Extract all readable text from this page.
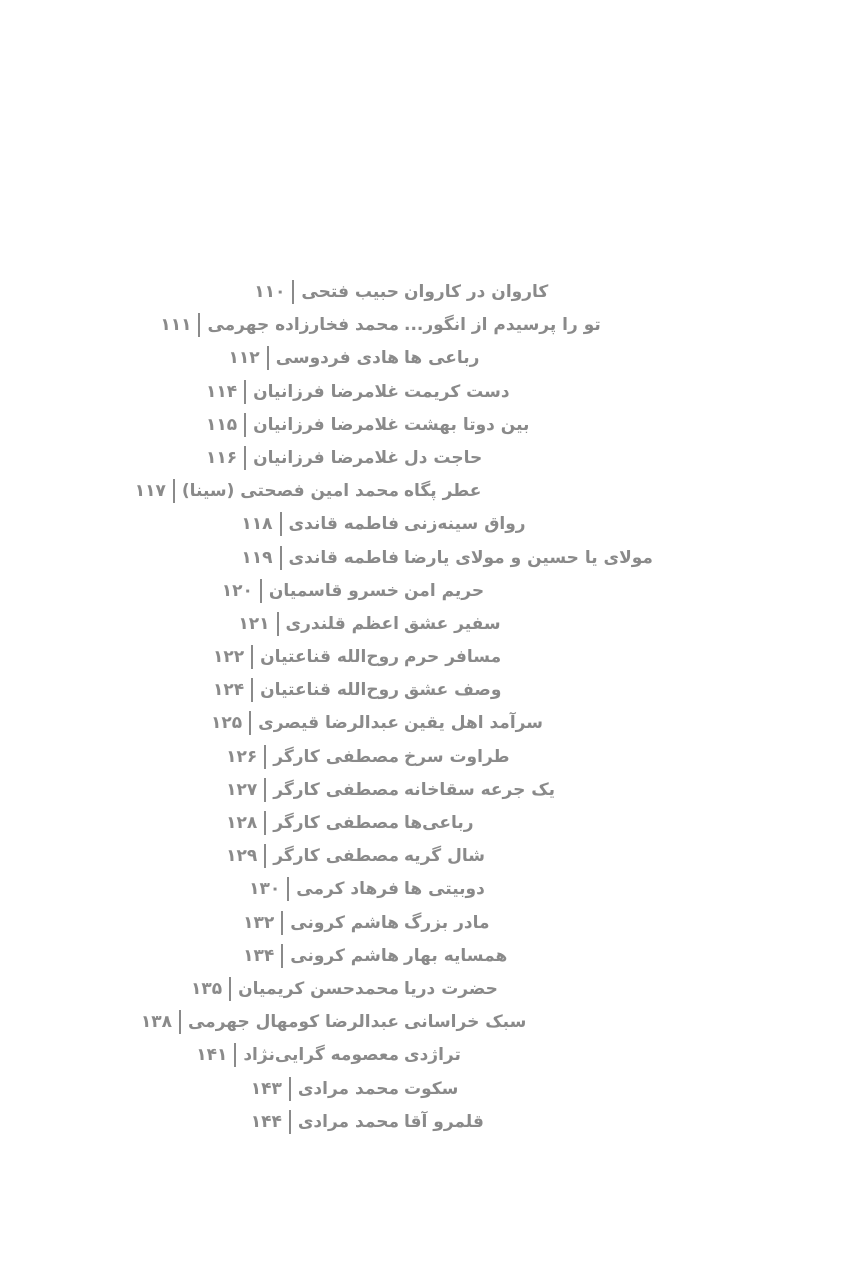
کاروان در کاروان
حبیب فتحی۱۱۰
تو را پرسیدم از انگور...
محمد فخارزاده جهرمی۱۱۱
رباعی ها
هادی فردوسی۱۱۲
دست کریمت
غلامرضا فرزانیان۱۱۴
بین دوتا بهشت
غلامرضا فرزانیان۱۱۵
حاجت دل
غلامرضا فرزانیان۱۱۶
عطر پگاه
محمد امین فصحتی (سینا)۱۱۷
رواق سینه‌زنی
فاطمه قاندی۱۱۸
مولای یا حسین و مولای یارضا
فاطمه قاندی۱۱۹
حریم امن
خسرو قاسمیان۱۲۰
سفیر عشق
اعظم قلندری۱۲۱
مسافر حرم
روح‌الله قناعتیان۱۲۲
وصف عشق
روح‌الله قناعتیان۱۲۴
سرآمد اهل یقین
عبدالرضا قیصری۱۲۵
طراوت سرخ
مصطفی کارگر۱۲۶
یک جرعه سقاخانه
مصطفی کارگر۱۲۷
رباعی‌ها
مصطفی کارگر۱۲۸
شال گریه
مصطفی کارگر۱۲۹
دوبیتی ها
فرهاد کرمی۱۳۰
مادر بزرگ
هاشم کرونی۱۳۲
همسایه بهار
هاشم کرونی۱۳۴
حضرت دریا
محمدحسن کریمیان۱۳۵
سبک خراسانی
عبدالرضا کومهال جهرمی۱۳۸
تراژدی
معصومه گرایی‌نژاد۱۴۱
سکوت
محمد مرادی۱۴۳
قلمرو آقا
محمد مرادی۱۴۴
